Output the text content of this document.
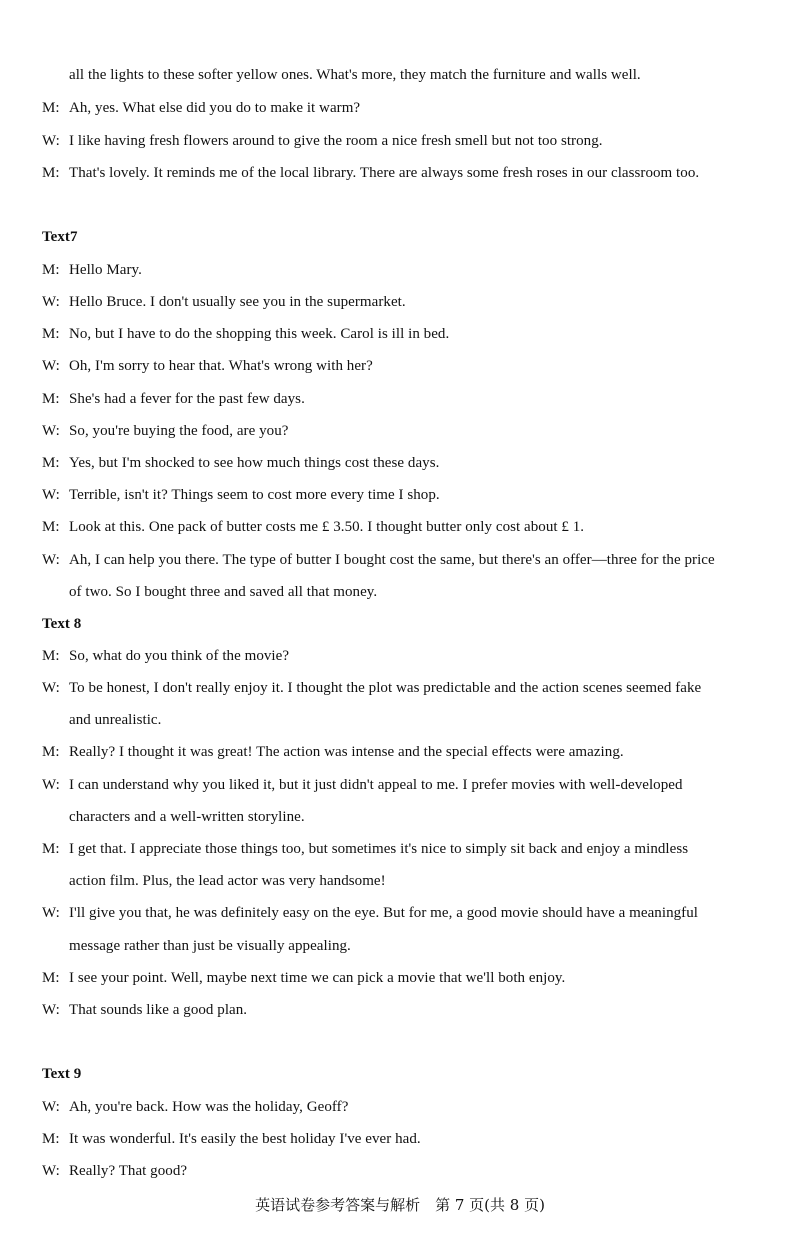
all the lights to these softer yellow ones. What's more, they match the furniture and walls well.
M: Ah, yes. What else did you do to make it warm?
W: I like having fresh flowers around to give the room a nice fresh smell but not too strong.
M: That's lovely. It reminds me of the local library. There are always some fresh roses in our classroom too.
Text7
M: Hello Mary.
W: Hello Bruce. I don't usually see you in the supermarket.
M: No, but I have to do the shopping this week. Carol is ill in bed.
W: Oh, I'm sorry to hear that. What's wrong with her?
M: She's had a fever for the past few days.
W: So, you're buying the food, are you?
M: Yes, but I'm shocked to see how much things cost these days.
W: Terrible, isn't it? Things seem to cost more every time I shop.
M: Look at this. One pack of butter costs me £ 3.50. I thought butter only cost about £ 1.
W: Ah, I can help you there. The type of butter I bought cost the same, but there's an offer—three for the price
of two. So I bought three and saved all that money.
Text 8
M: So, what do you think of the movie?
W: To be honest, I don't really enjoy it. I thought the plot was predictable and the action scenes seemed fake
and unrealistic.
M: Really? I thought it was great! The action was intense and the special effects were amazing.
W: I can understand why you liked it, but it just didn't appeal to me. I prefer movies with well-developed
characters and a well-written storyline.
M: I get that. I appreciate those things too, but sometimes it's nice to simply sit back and enjoy a mindless
action film. Plus, the lead actor was very handsome!
W: I'll give you that, he was definitely easy on the eye. But for me, a good movie should have a meaningful
message rather than just be visually appealing.
M: I see your point. Well, maybe next time we can pick a movie that we'll both enjoy.
W: That sounds like a good plan.
Text 9
W: Ah, you're back. How was the holiday, Geoff?
M: It was wonderful. It's easily the best holiday I've ever had.
W: Really? That good?
英语试卷参考答案与解析　第 7 页(共 8 页)
